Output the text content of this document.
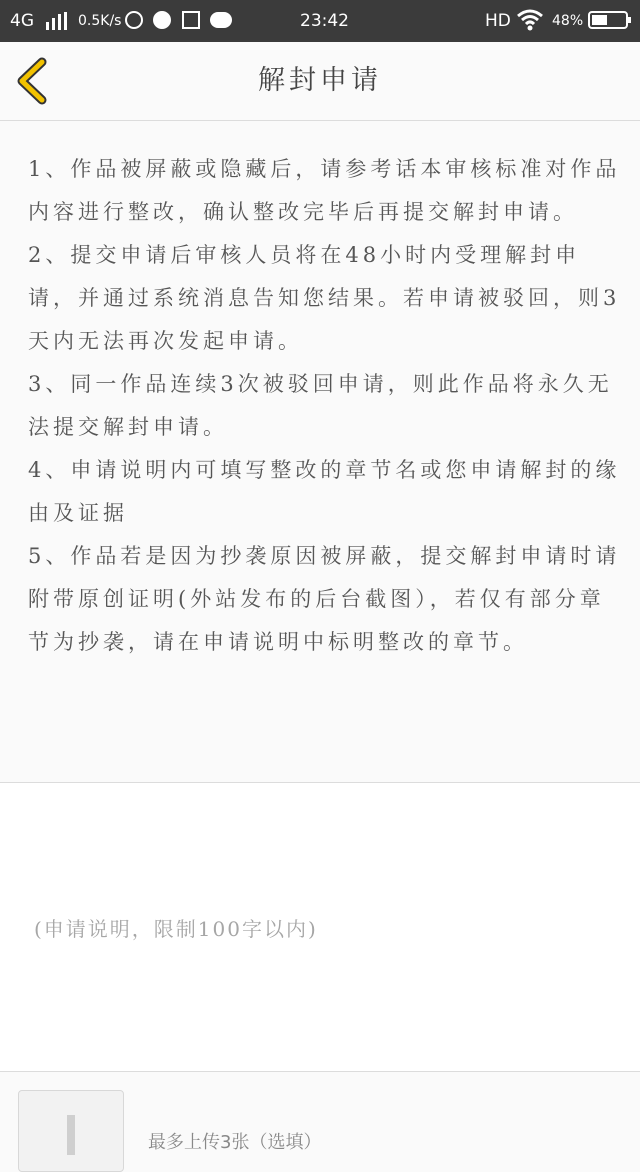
4G	0.5K/s	23:42	HD	48%
解封申请

1、作品被屏蔽或隐藏后，请参考话本审核标准对作品内容进行整改，确认整改完毕后再提交解封申请。

2、提交申请后审核人员将在48小时内受理解封申请，并通过系统消息告知您结果。若申请被驳回，则3天内无法再次发起申请。

3、同一作品连续3次被驳回申请，则此作品将永久无法提交解封申请。

4、申请说明内可填写整改的章节名或您申请解封的缘由及证据

5、作品若是因为抄袭原因被屏蔽，提交解封申请时请附带原创证明(外站发布的后台截图），若仅有部分章节为抄袭，请在申请说明中标明整改的章节。

(申请说明，限制100字以内)
最多上传3张（选填）
